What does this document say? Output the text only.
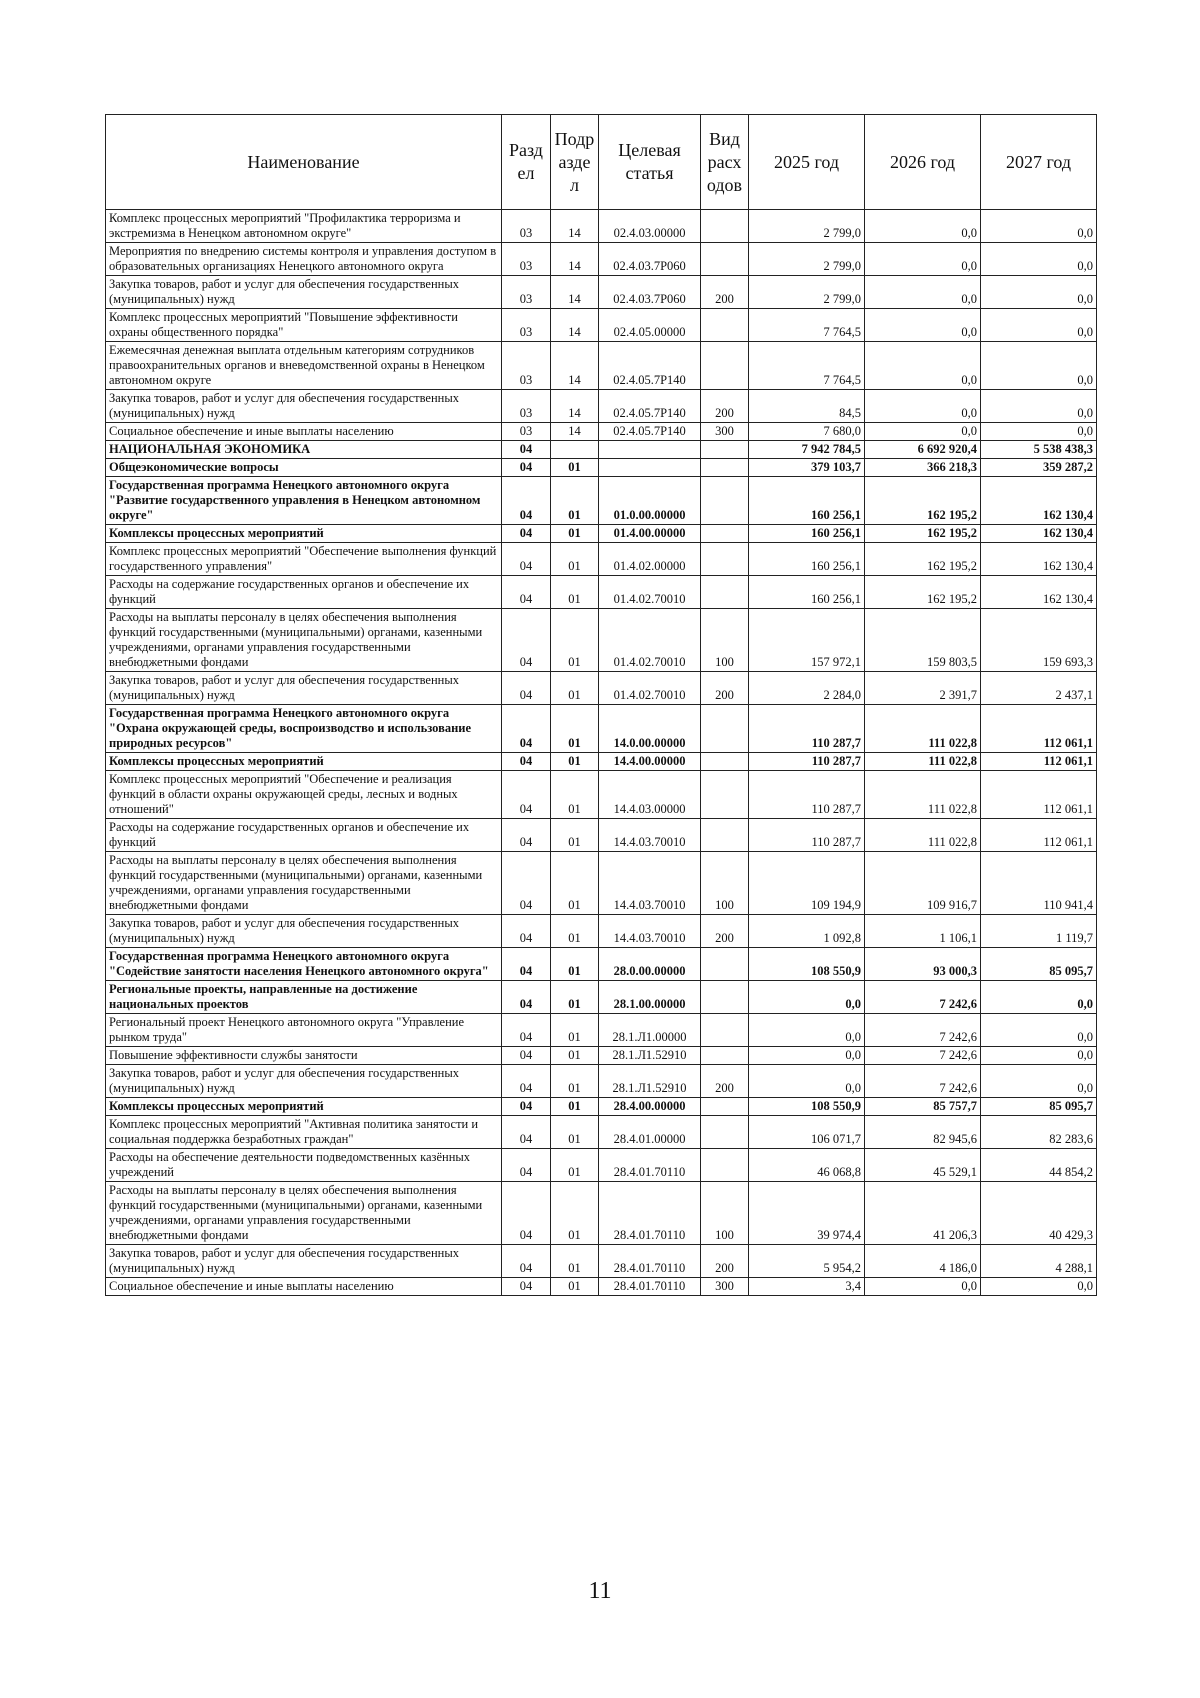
Наименование	Разд ел	Подр азде л	Целевая статья	Вид расх одов	2025 год	2026 год	2027 год
Комплекс процессных мероприятий "Профилактика терроризма и экстремизма в Ненецком автономном округе"	03	14	02.4.03.00000		2 799,0	0,0	0,0
Мероприятия по внедрению системы контроля и управления доступом в образовательных организациях Ненецкого автономного округа	03	14	02.4.03.7Р060		2 799,0	0,0	0,0
Закупка товаров, работ и услуг для обеспечения государственных (муниципальных) нужд	03	14	02.4.03.7Р060	200	2 799,0	0,0	0,0
Комплекс процессных мероприятий "Повышение эффективности охраны общественного порядка"	03	14	02.4.05.00000		7 764,5	0,0	0,0
Ежемесячная денежная выплата отдельным категориям сотрудников правоохранительных органов и вневедомственной охраны в Ненецком автономном округе	03	14	02.4.05.7Р140		7 764,5	0,0	0,0
Закупка товаров, работ и услуг для обеспечения государственных (муниципальных) нужд	03	14	02.4.05.7Р140	200	84,5	0,0	0,0
Социальное обеспечение и иные выплаты населению	03	14	02.4.05.7Р140	300	7 680,0	0,0	0,0
НАЦИОНАЛЬНАЯ ЭКОНОМИКА	04				7 942 784,5	6 692 920,4	5 538 438,3
Общеэкономические вопросы	04	01			379 103,7	366 218,3	359 287,2
Государственная программа Ненецкого автономного округа "Развитие государственного управления в Ненецком автономном округе"	04	01	01.0.00.00000		160 256,1	162 195,2	162 130,4
Комплексы процессных мероприятий	04	01	01.4.00.00000		160 256,1	162 195,2	162 130,4
Комплекс процессных мероприятий "Обеспечение выполнения функций государственного управления"	04	01	01.4.02.00000		160 256,1	162 195,2	162 130,4
Расходы на содержание государственных органов и обеспечение их функций	04	01	01.4.02.70010		160 256,1	162 195,2	162 130,4
Расходы на выплаты персоналу в целях обеспечения выполнения функций государственными (муниципальными) органами, казенными учреждениями, органами управления государственными внебюджетными фондами	04	01	01.4.02.70010	100	157 972,1	159 803,5	159 693,3
Закупка товаров, работ и услуг для обеспечения государственных (муниципальных) нужд	04	01	01.4.02.70010	200	2 284,0	2 391,7	2 437,1
Государственная программа Ненецкого автономного округа "Охрана окружающей среды, воспроизводство и использование природных ресурсов"	04	01	14.0.00.00000		110 287,7	111 022,8	112 061,1
Комплексы процессных мероприятий	04	01	14.4.00.00000		110 287,7	111 022,8	112 061,1
Комплекс процессных мероприятий "Обеспечение и реализация функций в области охраны окружающей среды, лесных и водных отношений"	04	01	14.4.03.00000		110 287,7	111 022,8	112 061,1
Расходы на содержание государственных органов и обеспечение их функций	04	01	14.4.03.70010		110 287,7	111 022,8	112 061,1
Расходы на выплаты персоналу в целях обеспечения выполнения функций государственными (муниципальными) органами, казенными учреждениями, органами управления государственными внебюджетными фондами	04	01	14.4.03.70010	100	109 194,9	109 916,7	110 941,4
Закупка товаров, работ и услуг для обеспечения государственных (муниципальных) нужд	04	01	14.4.03.70010	200	1 092,8	1 106,1	1 119,7
Государственная программа Ненецкого автономного округа "Содействие занятости населения Ненецкого автономного округа"	04	01	28.0.00.00000		108 550,9	93 000,3	85 095,7
Региональные проекты, направленные на достижение национальных проектов	04	01	28.1.00.00000		0,0	7 242,6	0,0
Региональный проект Ненецкого автономного округа "Управление рынком труда"	04	01	28.1.Л1.00000		0,0	7 242,6	0,0
Повышение эффективности службы занятости	04	01	28.1.Л1.52910		0,0	7 242,6	0,0
Закупка товаров, работ и услуг для обеспечения государственных (муниципальных) нужд	04	01	28.1.Л1.52910	200	0,0	7 242,6	0,0
Комплексы процессных мероприятий	04	01	28.4.00.00000		108 550,9	85 757,7	85 095,7
Комплекс процессных мероприятий "Активная политика занятости и социальная поддержка безработных граждан"	04	01	28.4.01.00000		106 071,7	82 945,6	82 283,6
Расходы на обеспечение деятельности подведомственных казённых учреждений	04	01	28.4.01.70110		46 068,8	45 529,1	44 854,2
Расходы на выплаты персоналу в целях обеспечения выполнения функций государственными (муниципальными) органами, казенными учреждениями, органами управления государственными внебюджетными фондами	04	01	28.4.01.70110	100	39 974,4	41 206,3	40 429,3
Закупка товаров, работ и услуг для обеспечения государственных (муниципальных) нужд	04	01	28.4.01.70110	200	5 954,2	4 186,0	4 288,1
Социальное обеспечение и иные выплаты населению	04	01	28.4.01.70110	300	3,4	0,0	0,0
11
